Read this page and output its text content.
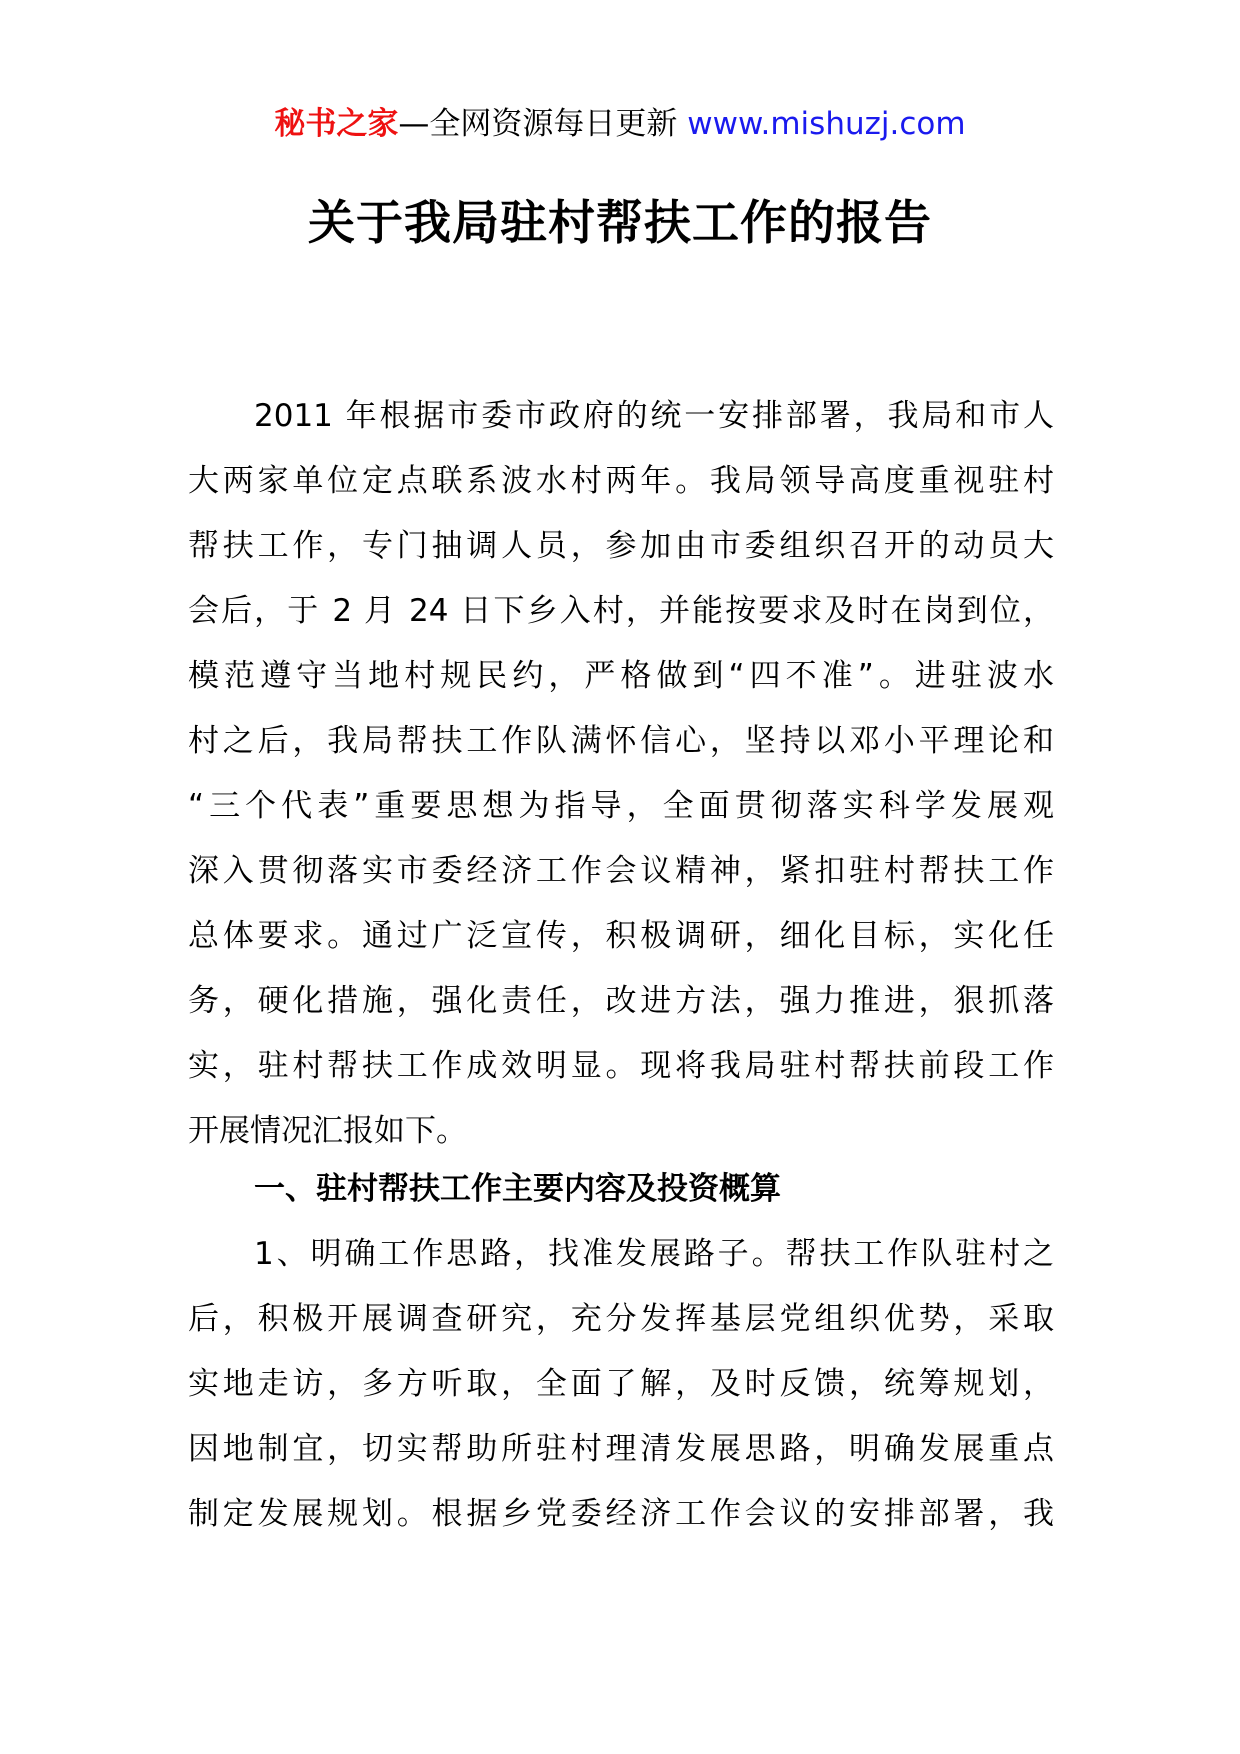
秘书之家—全网资源每日更新 www.mishuzj.com
关于我局驻村帮扶工作的报告
2011 年根据市委市政府的统一安排部署，我局和市人
大两家单位定点联系波水村两年。我局领导高度重视驻村
帮扶工作，专门抽调人员，参加由市委组织召开的动员大
会后，于 2 月 24 日下乡入村，并能按要求及时在岗到位，
模范遵守当地村规民约，严格做到“四不准”。进驻波水
村之后，我局帮扶工作队满怀信心，坚持以邓小平理论和
“三个代表”重要思想为指导，全面贯彻落实科学发展观
深入贯彻落实市委经济工作会议精神，紧扣驻村帮扶工作
总体要求。通过广泛宣传，积极调研，细化目标，实化任
务，硬化措施，强化责任，改进方法，强力推进，狠抓落
实，驻村帮扶工作成效明显。现将我局驻村帮扶前段工作
开展情况汇报如下。
一、驻村帮扶工作主要内容及投资概算
1、明确工作思路，找准发展路子。帮扶工作队驻村之
后，积极开展调查研究，充分发挥基层党组织优势，采取
实地走访，多方听取，全面了解，及时反馈，统筹规划，
因地制宜，切实帮助所驻村理清发展思路，明确发展重点
制定发展规划。根据乡党委经济工作会议的安排部署，我
